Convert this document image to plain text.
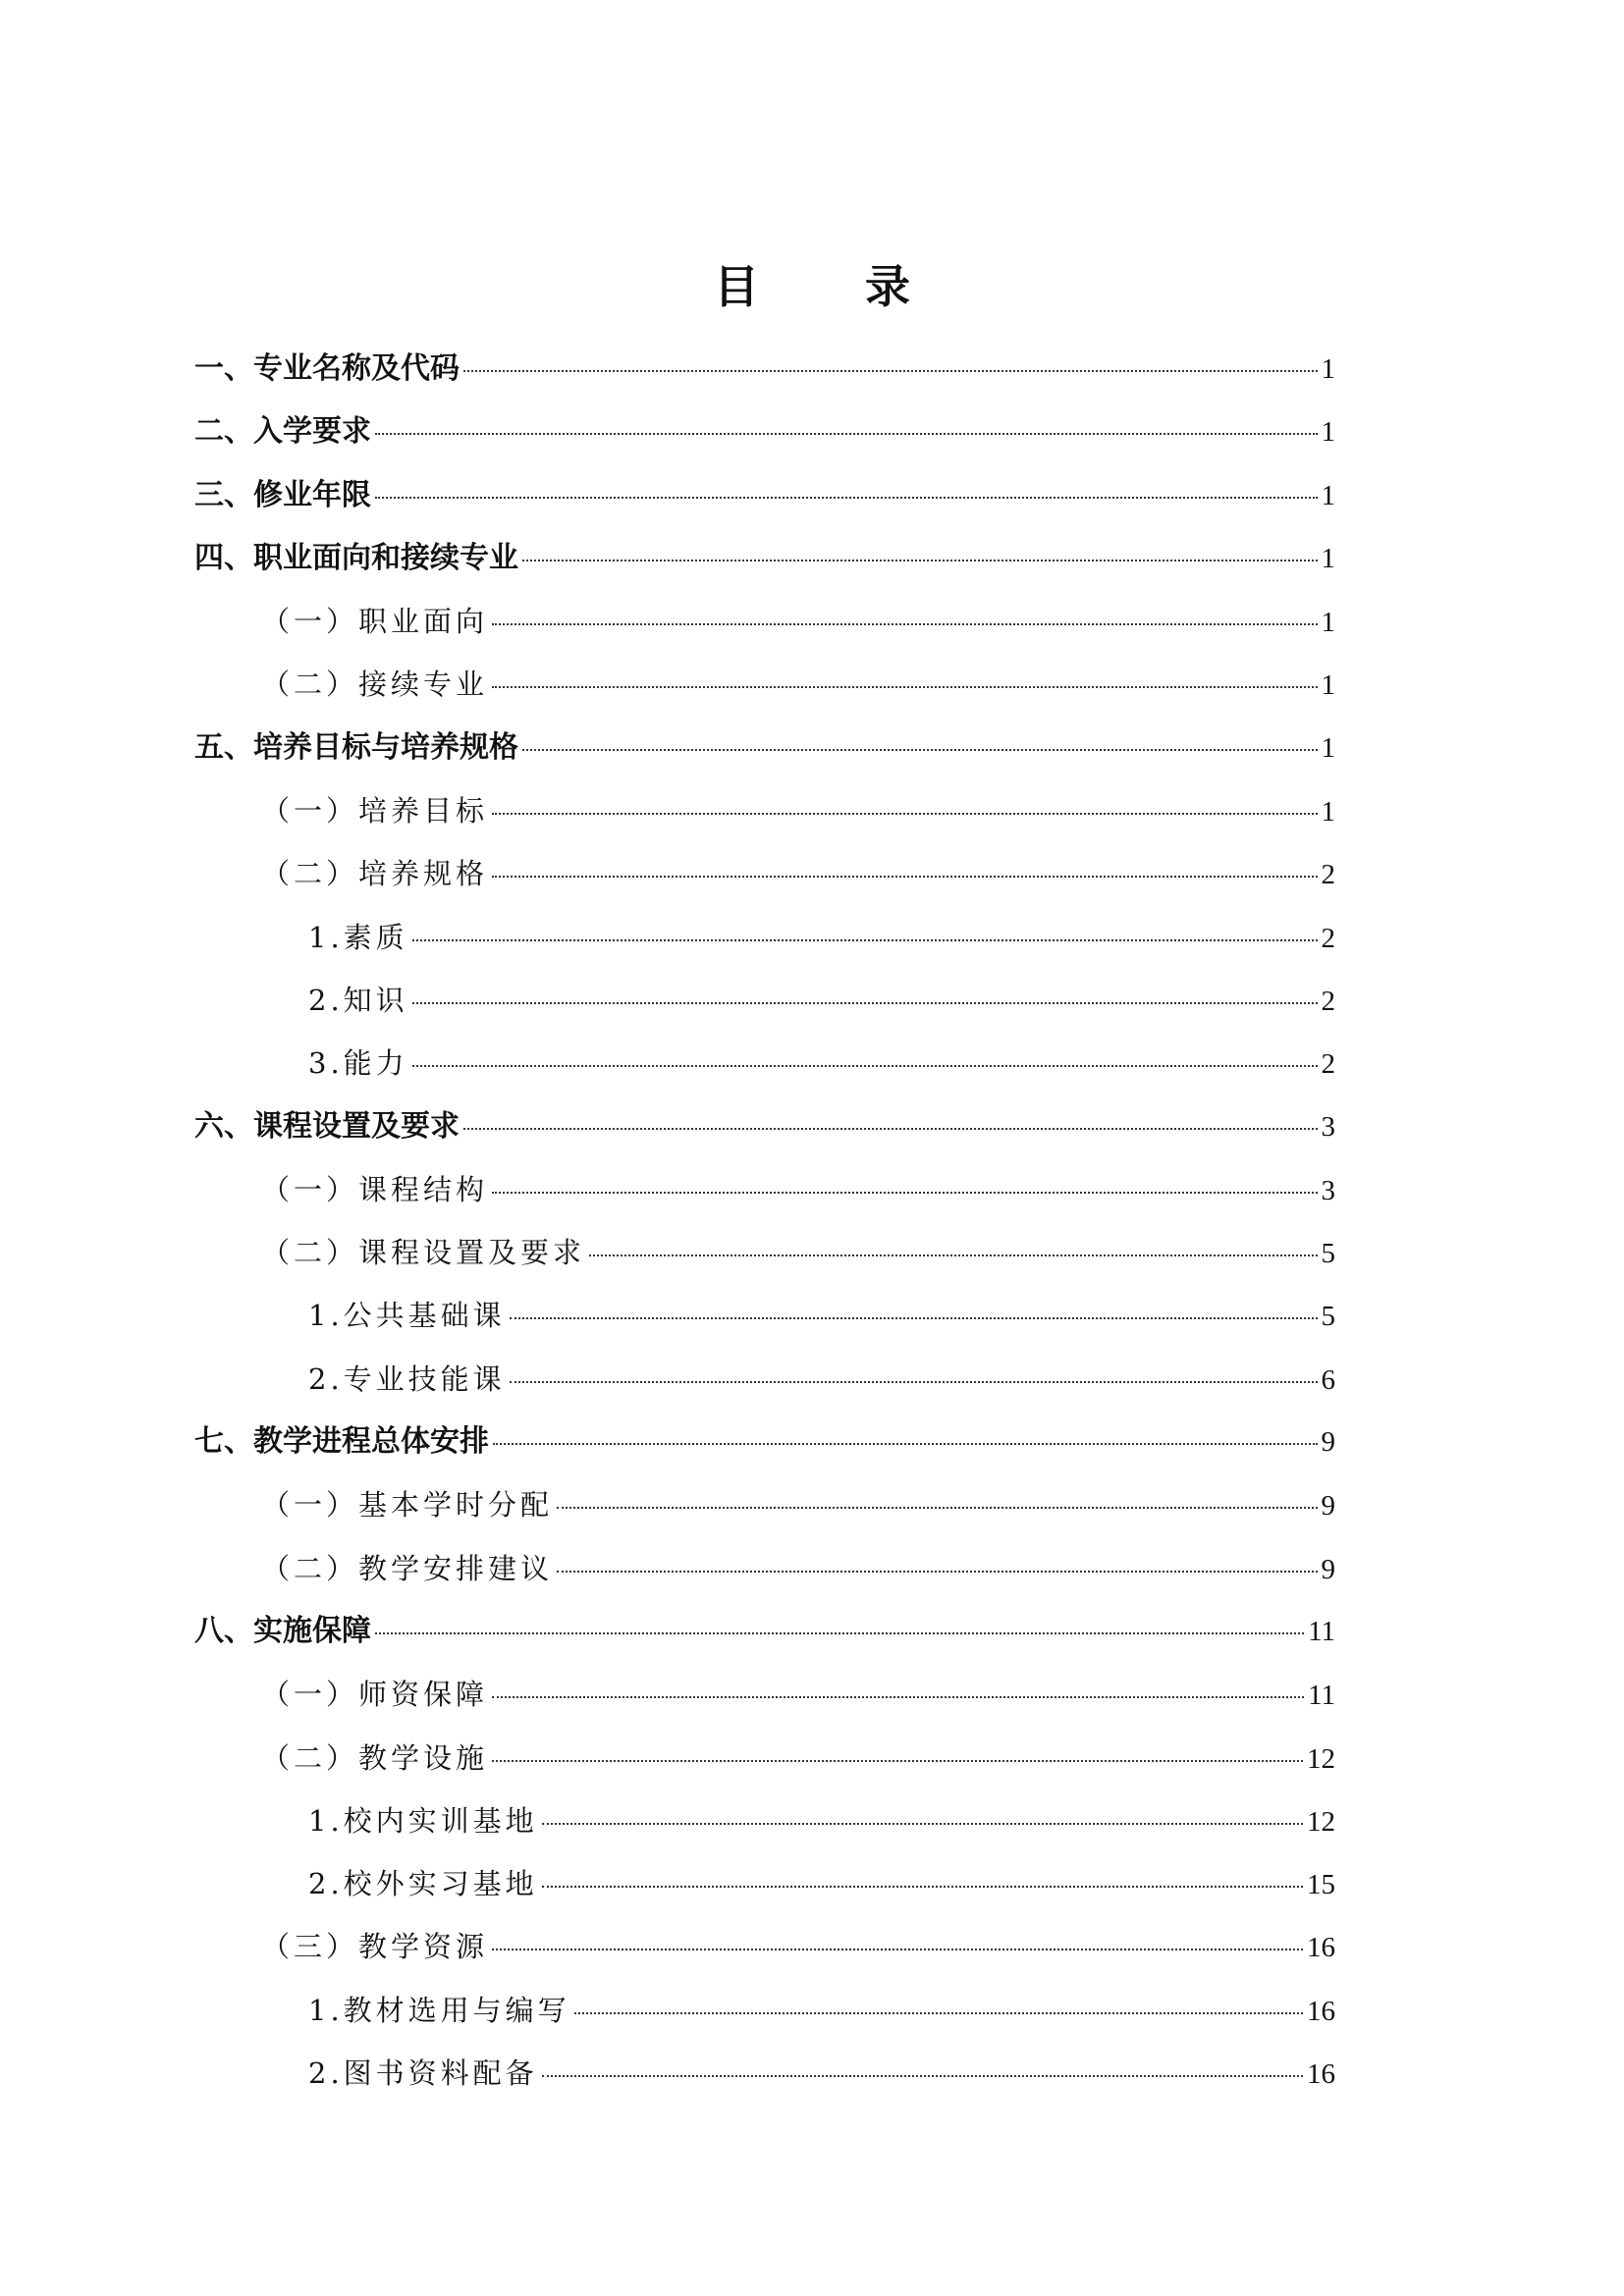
目 录
一、专业名称及代码	1
二、入学要求	1
三、修业年限	1
四、职业面向和接续专业	1
（一）职业面向	1
（二）接续专业	1
五、培养目标与培养规格	1
（一）培养目标	1
（二）培养规格	2
1.素质	2
2.知识	2
3.能力	2
六、课程设置及要求	3
（一）课程结构	3
（二）课程设置及要求	5
1.公共基础课	5
2.专业技能课	6
七、教学进程总体安排	9
（一）基本学时分配	9
（二）教学安排建议	9
八、实施保障	11
（一）师资保障	11
（二）教学设施	12
1.校内实训基地	12
2.校外实习基地	15
（三）教学资源	16
1.教材选用与编写	16
2.图书资料配备	16
